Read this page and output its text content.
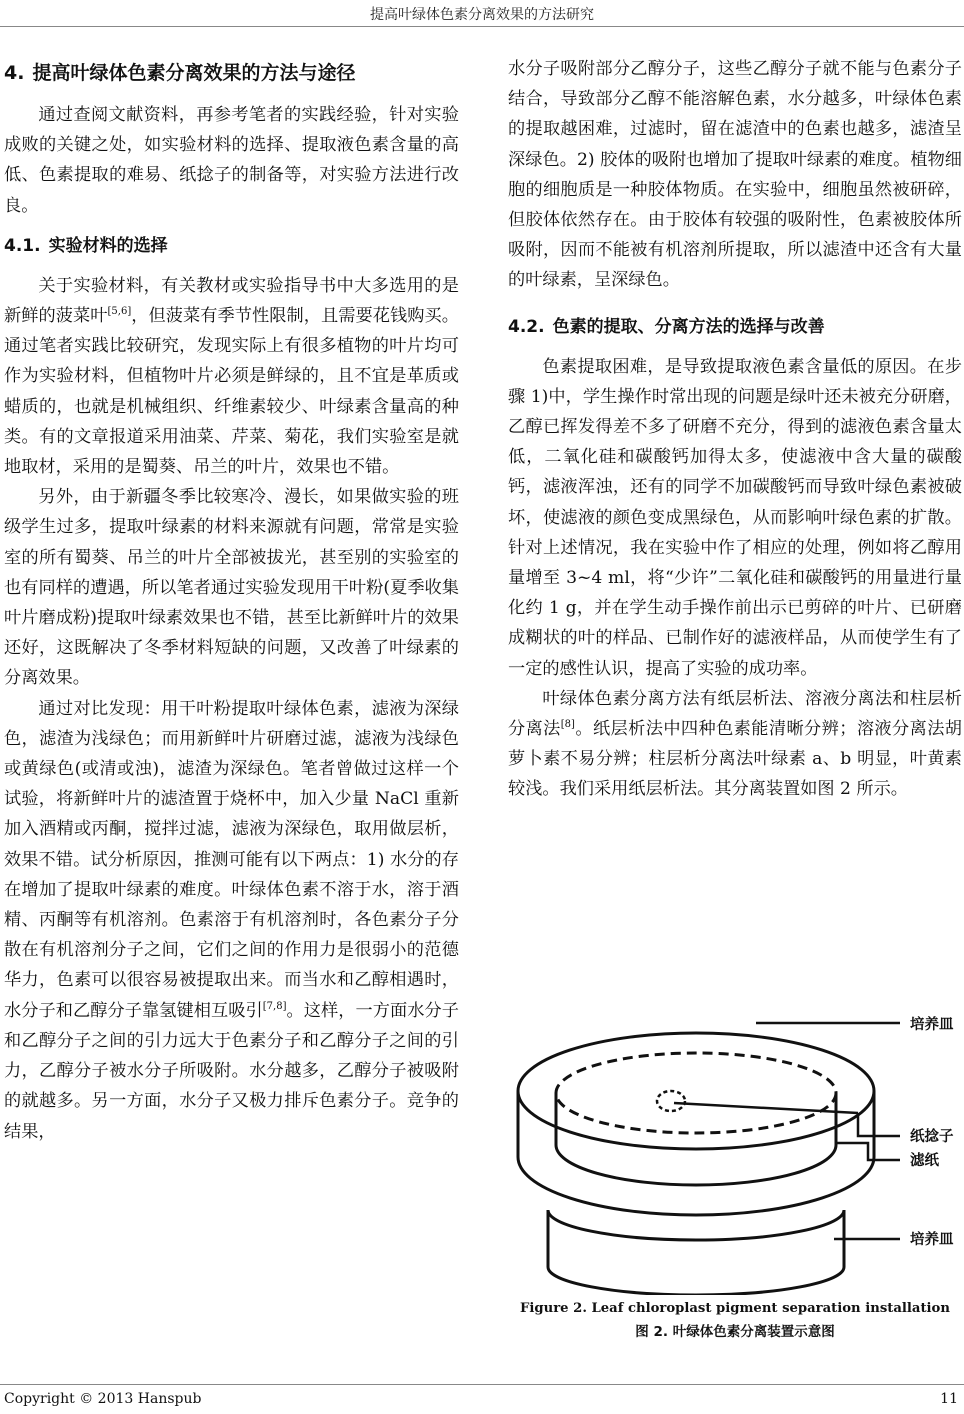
提高叶绿体色素分离效果的方法研究
4. 提高叶绿体色素分离效果的方法与途径

通过查阅文献资料，再参考笔者的实践经验，针对实验成败的关键之处，如实验材料的选择、提取液色素含量的高低、色素提取的难易、纸捻子的制备等，对实验方法进行改良。

4.1. 实验材料的选择

关于实验材料，有关教材或实验指导书中大多选用的是新鲜的菠菜叶[5,6]，但菠菜有季节性限制，且需要花钱购买。通过笔者实践比较研究，发现实际上有很多植物的叶片均可作为实验材料，但植物叶片必须是鲜绿的，且不宜是革质或蜡质的，也就是机械组织、纤维素较少、叶绿素含量高的种类。有的文章报道采用油菜、芹菜、菊花，我们实验室是就地取材，采用的是蜀葵、吊兰的叶片，效果也不错。

另外，由于新疆冬季比较寒冷、漫长，如果做实验的班级学生过多，提取叶绿素的材料来源就有问题，常常是实验室的所有蜀葵、吊兰的叶片全部被拔光，甚至别的实验室的也有同样的遭遇，所以笔者通过实验发现用干叶粉(夏季收集叶片磨成粉)提取叶绿素效果也不错，甚至比新鲜叶片的效果还好，这既解决了冬季材料短缺的问题，又改善了叶绿素的分离效果。

通过对比发现：用干叶粉提取叶绿体色素，滤液为深绿色，滤渣为浅绿色；而用新鲜叶片研磨过滤，滤液为浅绿色或黄绿色(或清或浊)，滤渣为深绿色。笔者曾做过这样一个试验，将新鲜叶片的滤渣置于烧杯中，加入少量 NaCl 重新加入酒精或丙酮，搅拌过滤，滤液为深绿色，取用做层析，效果不错。试分析原因，推测可能有以下两点：1) 水分的存在增加了提取叶绿素的难度。叶绿体色素不溶于水，溶于酒精、丙酮等有机溶剂。色素溶于有机溶剂时，各色素分子分散在有机溶剂分子之间，它们之间的作用力是很弱小的范德华力，色素可以很容易被提取出来。而当水和乙醇相遇时，水分子和乙醇分子靠氢键相互吸引[7,8]。这样，一方面水分子和乙醇分子之间的引力远大于色素分子和乙醇分子之间的引力，乙醇分子被水分子所吸附。水分越多，乙醇分子被吸附的就越多。另一方面，水分子又极力排斥色素分子。竞争的结果，

水分子吸附部分乙醇分子，这些乙醇分子就不能与色素分子结合，导致部分乙醇不能溶解色素，水分越多，叶绿体色素的提取越困难，过滤时，留在滤渣中的色素也越多，滤渣呈深绿色。2) 胶体的吸附也增加了提取叶绿素的难度。植物细胞的细胞质是一种胶体物质。在实验中，细胞虽然被研碎，但胶体依然存在。由于胶体有较强的吸附性，色素被胶体所吸附，因而不能被有机溶剂所提取，所以滤渣中还含有大量的叶绿素，呈深绿色。

4.2. 色素的提取、分离方法的选择与改善

色素提取困难，是导致提取液色素含量低的原因。在步骤 1)中，学生操作时常出现的问题是绿叶还未被充分研磨，乙醇已挥发得差不多了研磨不充分，得到的滤液色素含量太低，二氧化硅和碳酸钙加得太多，使滤液中含大量的碳酸钙，滤液浑浊，还有的同学不加碳酸钙而导致叶绿色素被破坏，使滤液的颜色变成黑绿色，从而影响叶绿色素的扩散。针对上述情况，我在实验中作了相应的处理，例如将乙醇用量增至 3~4 ml，将“少许”二氧化硅和碳酸钙的用量进行量化约 1 g，并在学生动手操作前出示已剪碎的叶片、已研磨成糊状的叶的样品、已制作好的滤液样品，从而使学生有了一定的感性认识，提高了实验的成功率。

叶绿体色素分离方法有纸层析法、溶液分离法和柱层析分离法[8]。纸层析法中四种色素能清晰分辨；溶液分离法胡萝卜素不易分辨；柱层析分离法叶绿素 a、b 明显，叶黄素较浅。我们采用纸层析法。其分离装置如图 2 所示。

培养皿
纸捻子
滤纸
培养皿
Figure 2. Leaf chloroplast pigment separation installation
图 2. 叶绿体色素分离装置示意图
Copyright © 2013 Hanspub	11
